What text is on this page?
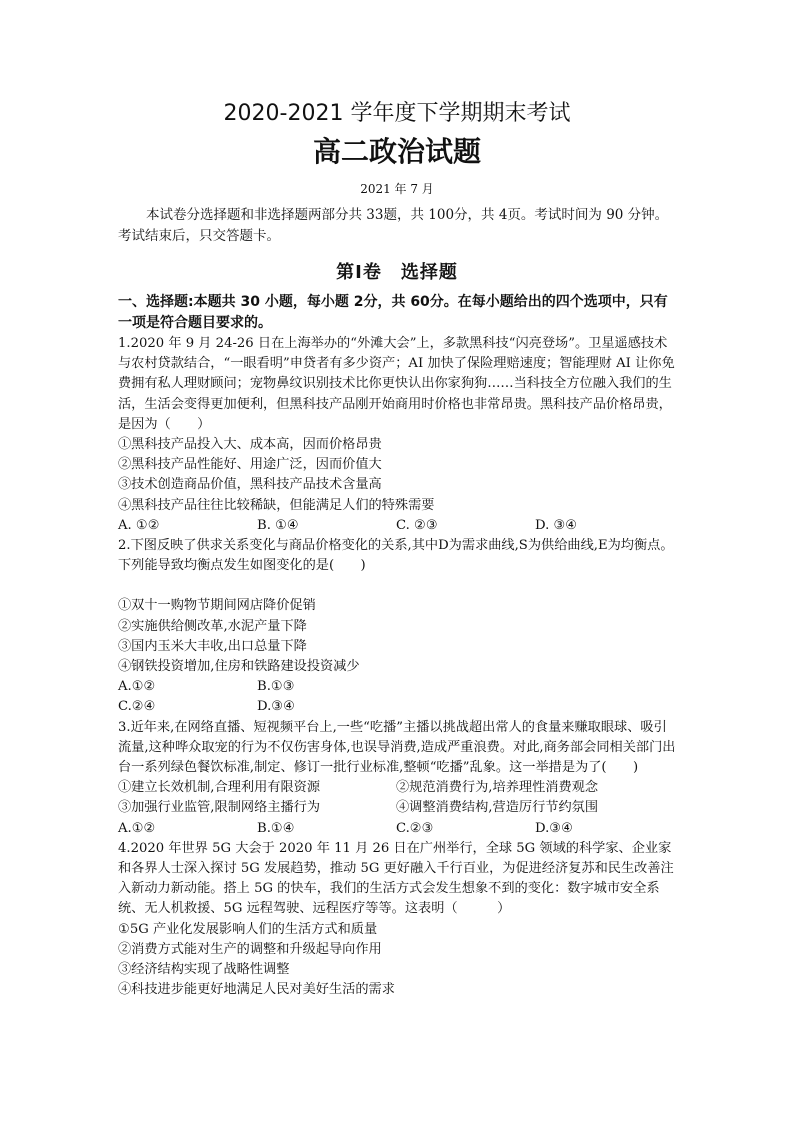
2020-2021 学年度下学期期末考试
高二政治试题
2021 年 7 月
本试卷分选择题和非选择题两部分共 33题，共 100分，共 4页。考试时间为 90 分钟。考试结束后，只交答题卡。
第Ⅰ卷　选择题

一、选择题:本题共 30 小题，每小题 2分，共 60分。在每小题给出的四个选项中，只有一项是符合题目要求的。

1.2020 年 9 月 24-26 日在上海举办的“外滩大会”上，多款黑科技“闪亮登场”。卫星遥感技术与农村贷款结合，“一眼看明”申贷者有多少资产；AI 加快了保险理赔速度；智能理财 AI 让你免费拥有私人理财顾问；宠物鼻纹识别技术比你更快认出你家狗狗……当科技全方位融入我们的生活，生活会变得更加便利，但黑科技产品刚开始商用时价格也非常昂贵。黑科技产品价格昂贵，是因为（　　）

①黑科技产品投入大、成本高，因而价格昂贵

②黑科技产品性能好、用途广泛，因而价值大

③技术创造商品价值，黑科技产品技术含量高

④黑科技产品往往比较稀缺，但能满足人们的特殊需要

A. ①②	B. ①④	C. ②③	D. ③④

2.下图反映了供求关系变化与商品价格变化的关系,其中D为需求曲线,S为供给曲线,E为均衡点。下列能导致均衡点发生如图变化的是(　　)

①双十一购物节期间网店降价促销

②实施供给侧改革,水泥产量下降

③国内玉米大丰收,出口总量下降

④钢铁投资增加,住房和铁路建设投资减少

A.①②	B.①③
C.②④	D.③④

3.近年来,在网络直播、短视频平台上,一些“吃播”主播以挑战超出常人的食量来赚取眼球、吸引流量,这种哗众取宠的行为不仅伤害身体,也误导消费,造成严重浪费。对此,商务部会同相关部门出台一系列绿色餐饮标准,制定、修订一批行业标准,整顿“吃播”乱象。这一举措是为了(　　)

①建立长效机制,合理利用有限资源	②规范消费行为,培养理性消费观念
③加强行业监管,限制网络主播行为	④调整消费结构,营造厉行节约氛围
A.①②	B.①④	C.②③	D.③④

4.2020 年世界 5G 大会于 2020 年 11 月 26 日在广州举行，全球 5G 领域的科学家、企业家和各界人士深入探讨 5G 发展趋势，推动 5G 更好融入千行百业，为促进经济复苏和民生改善注入新动力新动能。搭上 5G 的快车，我们的生活方式会发生想象不到的变化：数字城市安全系统、无人机救援、5G 远程驾驶、远程医疗等等。这表明（　　　）

①5G 产业化发展影响人们的生活方式和质量

②消费方式能对生产的调整和升级起导向作用

③经济结构实现了战略性调整

④科技进步能更好地满足人民对美好生活的需求
